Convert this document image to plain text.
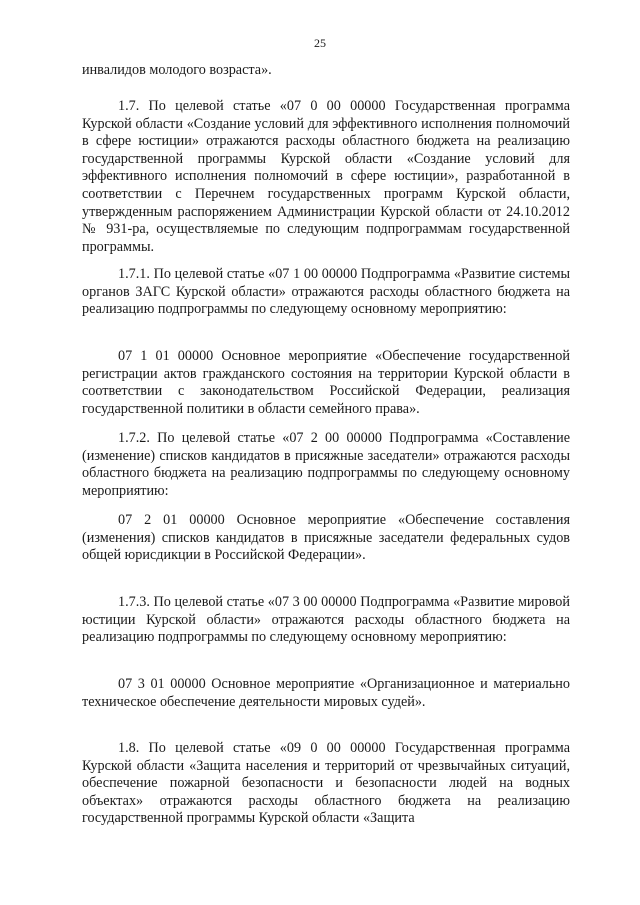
25

инвалидов молодого возраста».

1.7. По целевой статье «07 0 00 00000 Государственная программа Курской области «Создание условий для эффективного исполнения полномочий в сфере юстиции» отражаются расходы областного бюджета на реализацию государственной программы Курской области «Создание условий для эффективного исполнения полномочий в сфере юстиции», разработанной в соответствии с Перечнем государственных программ Курской области, утвержденным распоряжением Администрации Курской области от 24.10.2012 № 931-ра, осуществляемые по следующим подпрограммам государственной программы.

1.7.1. По целевой статье «07 1 00 00000 Подпрограмма «Развитие системы органов ЗАГС Курской области» отражаются расходы областного бюджета на реализацию подпрограммы по следующему основному мероприятию:

07 1 01 00000 Основное мероприятие «Обеспечение государственной регистрации актов гражданского состояния на территории Курской области в соответствии с законодательством Российской Федерации, реализация государственной политики в области семейного права».

1.7.2. По целевой статье «07 2 00 00000 Подпрограмма «Составление (изменение) списков кандидатов в присяжные заседатели» отражаются расходы областного бюджета на реализацию подпрограммы по следующему основному мероприятию:

07 2 01 00000 Основное мероприятие «Обеспечение составления (изменения) списков кандидатов в присяжные заседатели федеральных судов общей юрисдикции в Российской Федерации».

1.7.3. По целевой статье «07 3 00 00000 Подпрограмма «Развитие мировой юстиции Курской области» отражаются расходы областного бюджета на реализацию подпрограммы по следующему основному мероприятию:

07 3 01 00000 Основное мероприятие «Организационное и материально техническое обеспечение деятельности мировых судей».

1.8. По целевой статье «09 0 00 00000 Государственная программа Курской области «Защита населения и территорий от чрезвычайных ситуаций, обеспечение пожарной безопасности и безопасности людей на водных объектах» отражаются расходы областного бюджета на реализацию государственной программы Курской области «Защита
